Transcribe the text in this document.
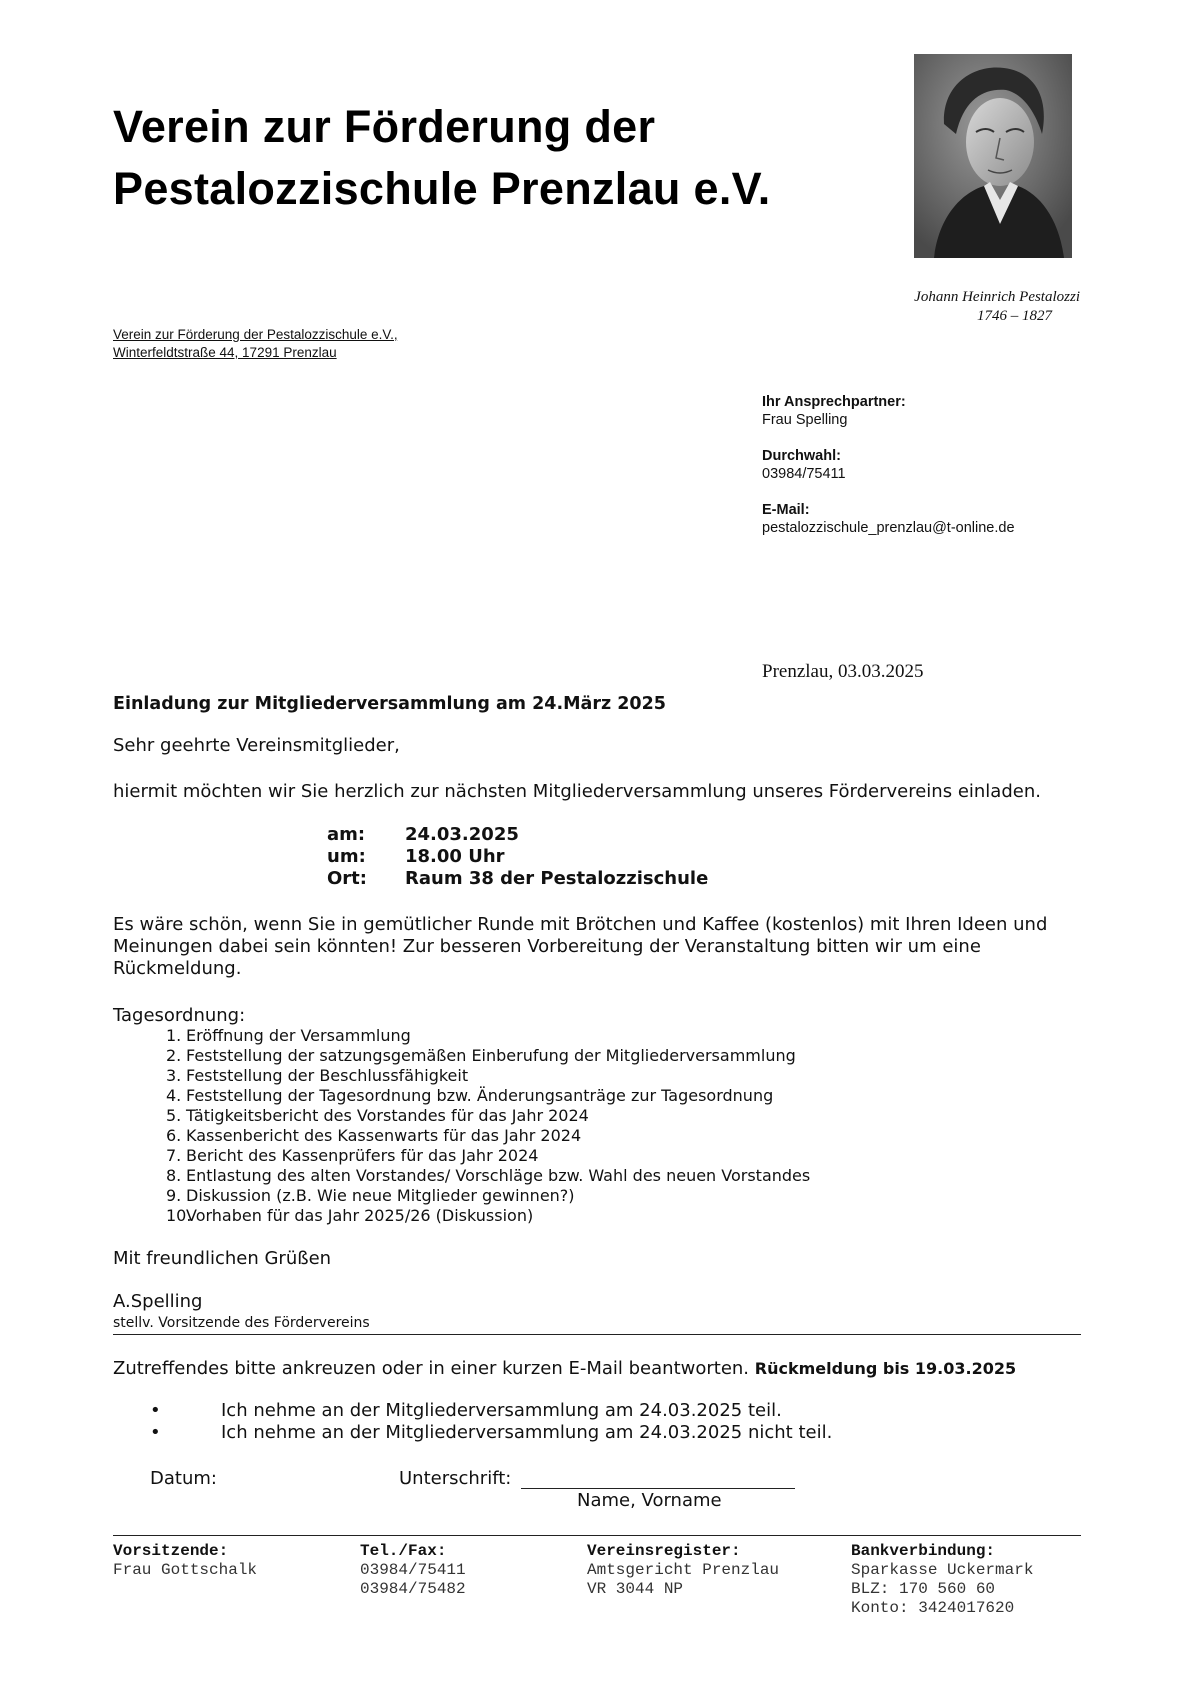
Verein zur Förderung der
Pestalozzischule Prenzlau e.V.
Johann Heinrich Pestalozzi
1746 – 1827
Verein zur Förderung der Pestalozzischule e.V.,
Winterfeldtstraße 44, 17291 Prenzlau
Ihr Ansprechpartner:
Frau Spelling
Durchwahl:
03984/75411
E-Mail:
pestalozzischule_prenzlau@t-online.de
Prenzlau, 03.03.2025
Einladung zur Mitgliederversammlung am 24.März 2025
Sehr geehrte Vereinsmitglieder,
hiermit möchten wir Sie herzlich zur nächsten Mitgliederversammlung unseres Fördervereins einladen.
am:	24.03.2025
um:	18.00 Uhr
Ort:	Raum 38 der Pestalozzischule
Es wäre schön, wenn Sie in gemütlicher Runde mit Brötchen und Kaffee (kostenlos) mit Ihren Ideen und Meinungen dabei sein könnten! Zur besseren Vorbereitung der Veranstaltung bitten wir um eine Rückmeldung.
Tagesordnung:
1. Eröffnung der Versammlung
2. Feststellung der satzungsgemäßen Einberufung der Mitgliederversammlung
3. Feststellung der Beschlussfähigkeit
4. Feststellung der Tagesordnung bzw. Änderungsanträge zur Tagesordnung
5. Tätigkeitsbericht des Vorstandes für das Jahr 2024
6. Kassenbericht des Kassenwarts für das Jahr 2024
7. Bericht des Kassenprüfers für das Jahr 2024
8. Entlastung des alten Vorstandes/ Vorschläge bzw. Wahl des neuen Vorstandes
9. Diskussion (z.B. Wie neue Mitglieder gewinnen?)
10.
Vorhaben für das Jahr 2025/26 (Diskussion)
Mit freundlichen Grüßen
A.Spelling
stellv. Vorsitzende des Fördervereins
Zutreffendes bitte ankreuzen oder in einer kurzen E-Mail beantworten. Rückmeldung bis 19.03.2025
•	Ich nehme an der Mitgliederversammlung am 24.03.2025 teil.
•	Ich nehme an der Mitgliederversammlung am 24.03.2025 nicht teil.
Datum:	Unterschrift:
Name, Vorname
Vorsitzende:
Frau Gottschalk
Tel./Fax:
03984/75411
03984/75482
Vereinsregister:
Amtsgericht Prenzlau
VR 3044 NP
Bankverbindung:
Sparkasse Uckermark
BLZ: 170 560 60
Konto: 3424017620
